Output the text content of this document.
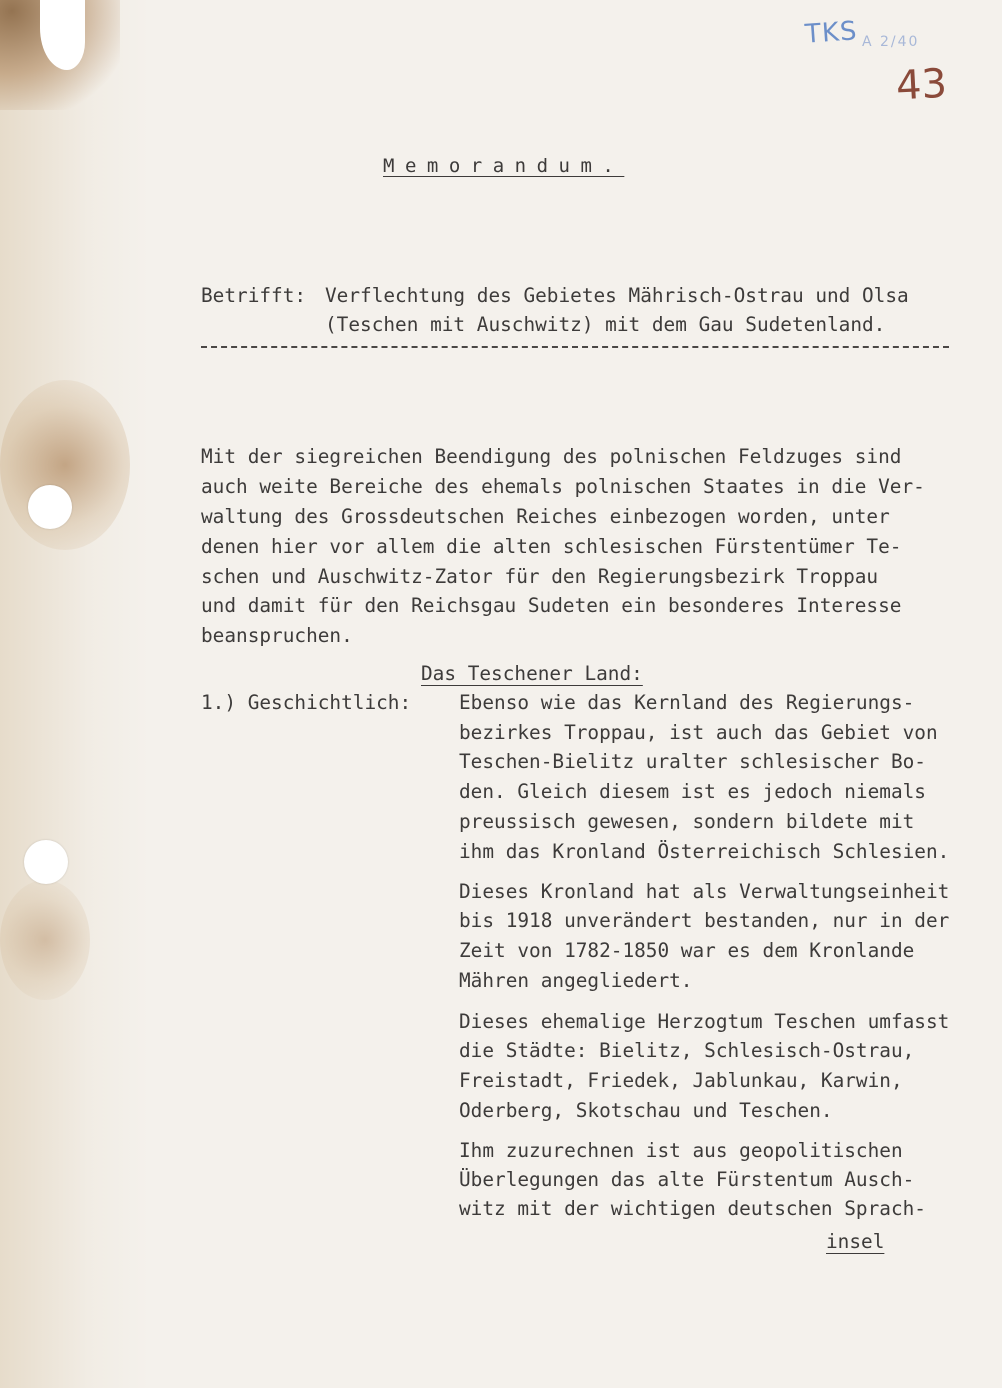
TKS A 2/40
43
Memorandum.
Betrifft: Verflechtung des Gebietes Mährisch-Ostrau und Olsa
(Teschen mit Auschwitz) mit dem Gau Sudetenland.
Mit der siegreichen Beendigung des polnischen Feldzuges sind
auch weite Bereiche des ehemals polnischen Staates in die Ver-
waltung des Grossdeutschen Reiches einbezogen worden, unter
denen hier vor allem die alten schlesischen Fürstentümer Te-
schen und Auschwitz-Zator für den Regierungsbezirk Troppau
und damit für den Reichsgau Sudeten ein besonderes Interesse
beanspruchen.
Das Teschener Land:
1.) Geschichtlich: Ebenso wie das Kernland des Regierungs-
bezirkes Troppau, ist auch das Gebiet von
Teschen-Bielitz uralter schlesischer Bo-
den. Gleich diesem ist es jedoch niemals
preussisch gewesen, sondern bildete mit
ihm das Kronland Österreichisch Schlesien.
Dieses Kronland hat als Verwaltungseinheit
bis 1918 unverändert bestanden, nur in der
Zeit von 1782-1850 war es dem Kronlande
Mähren angegliedert.
Dieses ehemalige Herzogtum Teschen umfasst
die Städte: Bielitz, Schlesisch-Ostrau,
Freistadt, Friedek, Jablunkau, Karwin,
Oderberg, Skotschau und Teschen.
Ihm zuzurechnen ist aus geopolitischen
Überlegungen das alte Fürstentum Ausch-
witz mit der wichtigen deutschen Sprach-
insel
